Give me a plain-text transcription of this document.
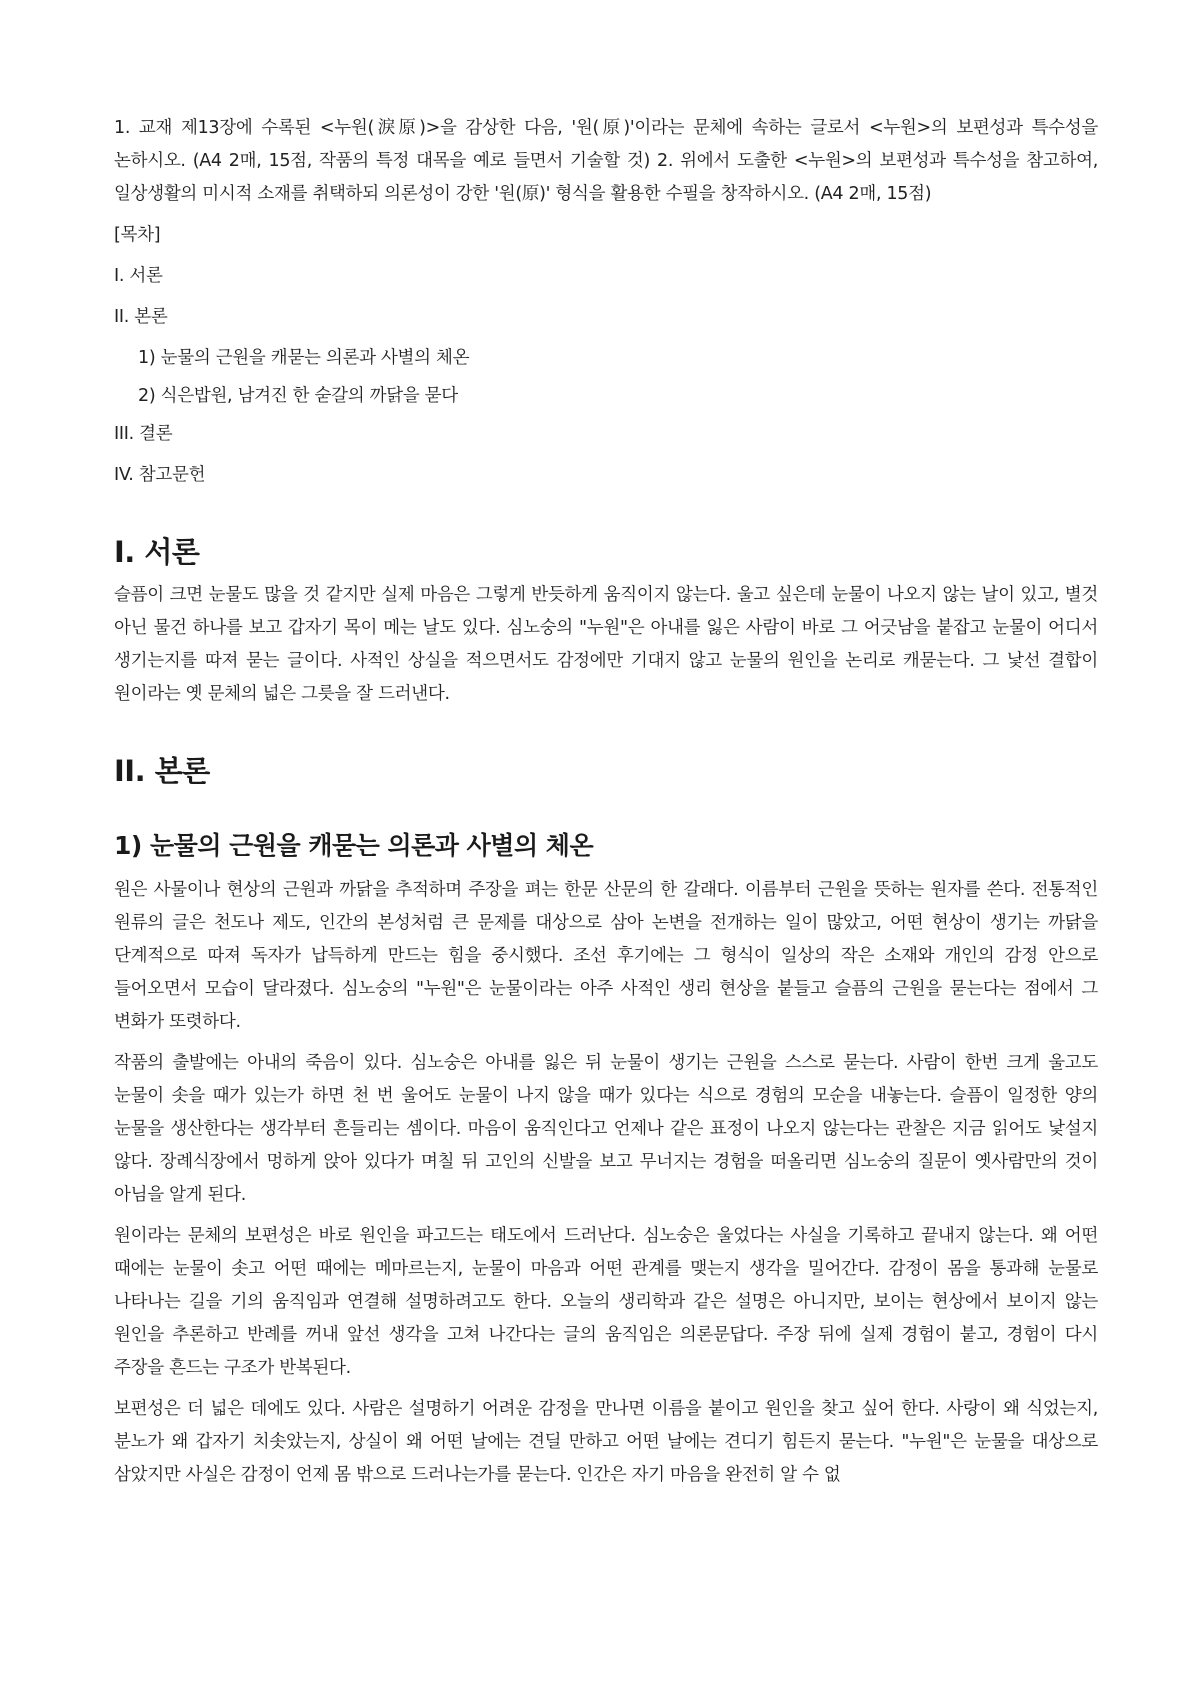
1. 교재 제13장에 수록된 <누원(淚原)>을 감상한 다음, '원(原)'이라는 문체에 속하는 글로서 <누원>의 보편성과 특수성을 논하시오. (A4 2매, 15점, 작품의 특정 대목을 예로 들면서 기술할 것) 2. 위에서 도출한 <누원>의 보편성과 특수성을 참고하여, 일상생활의 미시적 소재를 취택하되 의론성이 강한 '원(原)' 형식을 활용한 수필을 창작하시오. (A4 2매, 15점)

[목차]

I. 서론
II. 본론
1) 눈물의 근원을 캐묻는 의론과 사별의 체온
2) 식은밥원, 남겨진 한 숟갈의 까닭을 묻다
III. 결론
IV. 참고문헌
I. 서론

슬픔이 크면 눈물도 많을 것 같지만 실제 마음은 그렇게 반듯하게 움직이지 않는다. 울고 싶은데 눈물이 나오지 않는 날이 있고, 별것 아닌 물건 하나를 보고 갑자기 목이 메는 날도 있다. 심노숭의 "누원"은 아내를 잃은 사람이 바로 그 어긋남을 붙잡고 눈물이 어디서 생기는지를 따져 묻는 글이다. 사적인 상실을 적으면서도 감정에만 기대지 않고 눈물의 원인을 논리로 캐묻는다. 그 낯선 결합이 원이라는 옛 문체의 넓은 그릇을 잘 드러낸다.

II. 본론
1) 눈물의 근원을 캐묻는 의론과 사별의 체온

원은 사물이나 현상의 근원과 까닭을 추적하며 주장을 펴는 한문 산문의 한 갈래다. 이름부터 근원을 뜻하는 원자를 쓴다. 전통적인 원류의 글은 천도나 제도, 인간의 본성처럼 큰 문제를 대상으로 삼아 논변을 전개하는 일이 많았고, 어떤 현상이 생기는 까닭을 단계적으로 따져 독자가 납득하게 만드는 힘을 중시했다. 조선 후기에는 그 형식이 일상의 작은 소재와 개인의 감정 안으로 들어오면서 모습이 달라졌다. 심노숭의 "누원"은 눈물이라는 아주 사적인 생리 현상을 붙들고 슬픔의 근원을 묻는다는 점에서 그 변화가 또렷하다.

작품의 출발에는 아내의 죽음이 있다. 심노숭은 아내를 잃은 뒤 눈물이 생기는 근원을 스스로 묻는다. 사람이 한번 크게 울고도 눈물이 솟을 때가 있는가 하면 천 번 울어도 눈물이 나지 않을 때가 있다는 식으로 경험의 모순을 내놓는다. 슬픔이 일정한 양의 눈물을 생산한다는 생각부터 흔들리는 셈이다. 마음이 움직인다고 언제나 같은 표정이 나오지 않는다는 관찰은 지금 읽어도 낯설지 않다. 장례식장에서 멍하게 앉아 있다가 며칠 뒤 고인의 신발을 보고 무너지는 경험을 떠올리면 심노숭의 질문이 옛사람만의 것이 아님을 알게 된다.

원이라는 문체의 보편성은 바로 원인을 파고드는 태도에서 드러난다. 심노숭은 울었다는 사실을 기록하고 끝내지 않는다. 왜 어떤 때에는 눈물이 솟고 어떤 때에는 메마르는지, 눈물이 마음과 어떤 관계를 맺는지 생각을 밀어간다. 감정이 몸을 통과해 눈물로 나타나는 길을 기의 움직임과 연결해 설명하려고도 한다. 오늘의 생리학과 같은 설명은 아니지만, 보이는 현상에서 보이지 않는 원인을 추론하고 반례를 꺼내 앞선 생각을 고쳐 나간다는 글의 움직임은 의론문답다. 주장 뒤에 실제 경험이 붙고, 경험이 다시 주장을 흔드는 구조가 반복된다.

보편성은 더 넓은 데에도 있다. 사람은 설명하기 어려운 감정을 만나면 이름을 붙이고 원인을 찾고 싶어 한다. 사랑이 왜 식었는지, 분노가 왜 갑자기 치솟았는지, 상실이 왜 어떤 날에는 견딜 만하고 어떤 날에는 견디기 힘든지 묻는다. "누원"은 눈물을 대상으로 삼았지만 사실은 감정이 언제 몸 밖으로 드러나는가를 묻는다. 인간은 자기 마음을 완전히 알 수 없
